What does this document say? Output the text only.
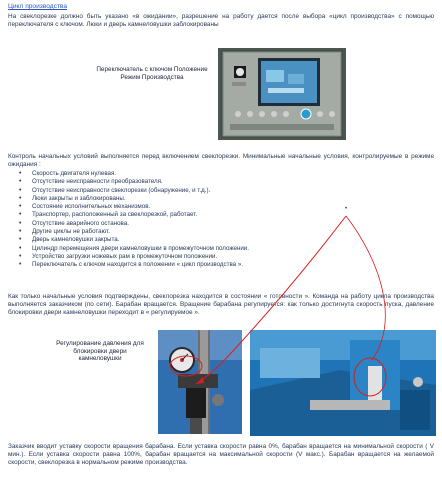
Цикл производства
На свеклорезке должно быть указано «в ожидании», разрешение на работу дается после выбора «цикл производства» с помощью переключателя с ключом. Люки и дверь камнеловушки заблокированы
Переключатель с ключом Положение Режим Производства
Контроль начальных условий выполняется перед включением свеклорезки. Минимальные начальные условия, контролируемые в режиме ожидания :
• Скорость двигателя нулевая.
• Отсутствие неисправности преобразователя.
• Отсутствие неисправности свеклорезки (обнаружение, и т.д.).
• Люки закрыты и заблокированы.
• Состояние исполнительных механизмов.
• Транспортер, расположенный за свеклорезкой, работает.
• Отсутствие аварийного останова.
• Другие циклы не работают.
• Дверь камнеловушки закрыта.
• Цилиндр перемещения двери камнеловушки в промежуточном положении.
• Устройство загрузки ножевых рам в промежуточном положении.
• Переключатель с ключом находится в положении « цикл производства ».
Как только начальные условия подтверждены, свеклорезка находится в состоянии « готовности ». Команда на работу цикла производства выполняется заказчиком (по сети). Барабан вращается. Вращение барабана регулируется: как только достигнута скорость пуска, давление блокировки двери камнеловушки переходит в « регулируемое ».
Регулирование давления для блокировки двери камнеловушки
•
Заказчик вводит уставку скорости вращения барабана. Если уставка скорости равна 0%, барабан вращается на минимальной скорости ( V мин.). Если уставка скорости равна 100%, барабан вращается на максимальной скорости (V макс.). Барабан вращается на желаемой скорости, свеклорезка в нормальном режиме производства.
